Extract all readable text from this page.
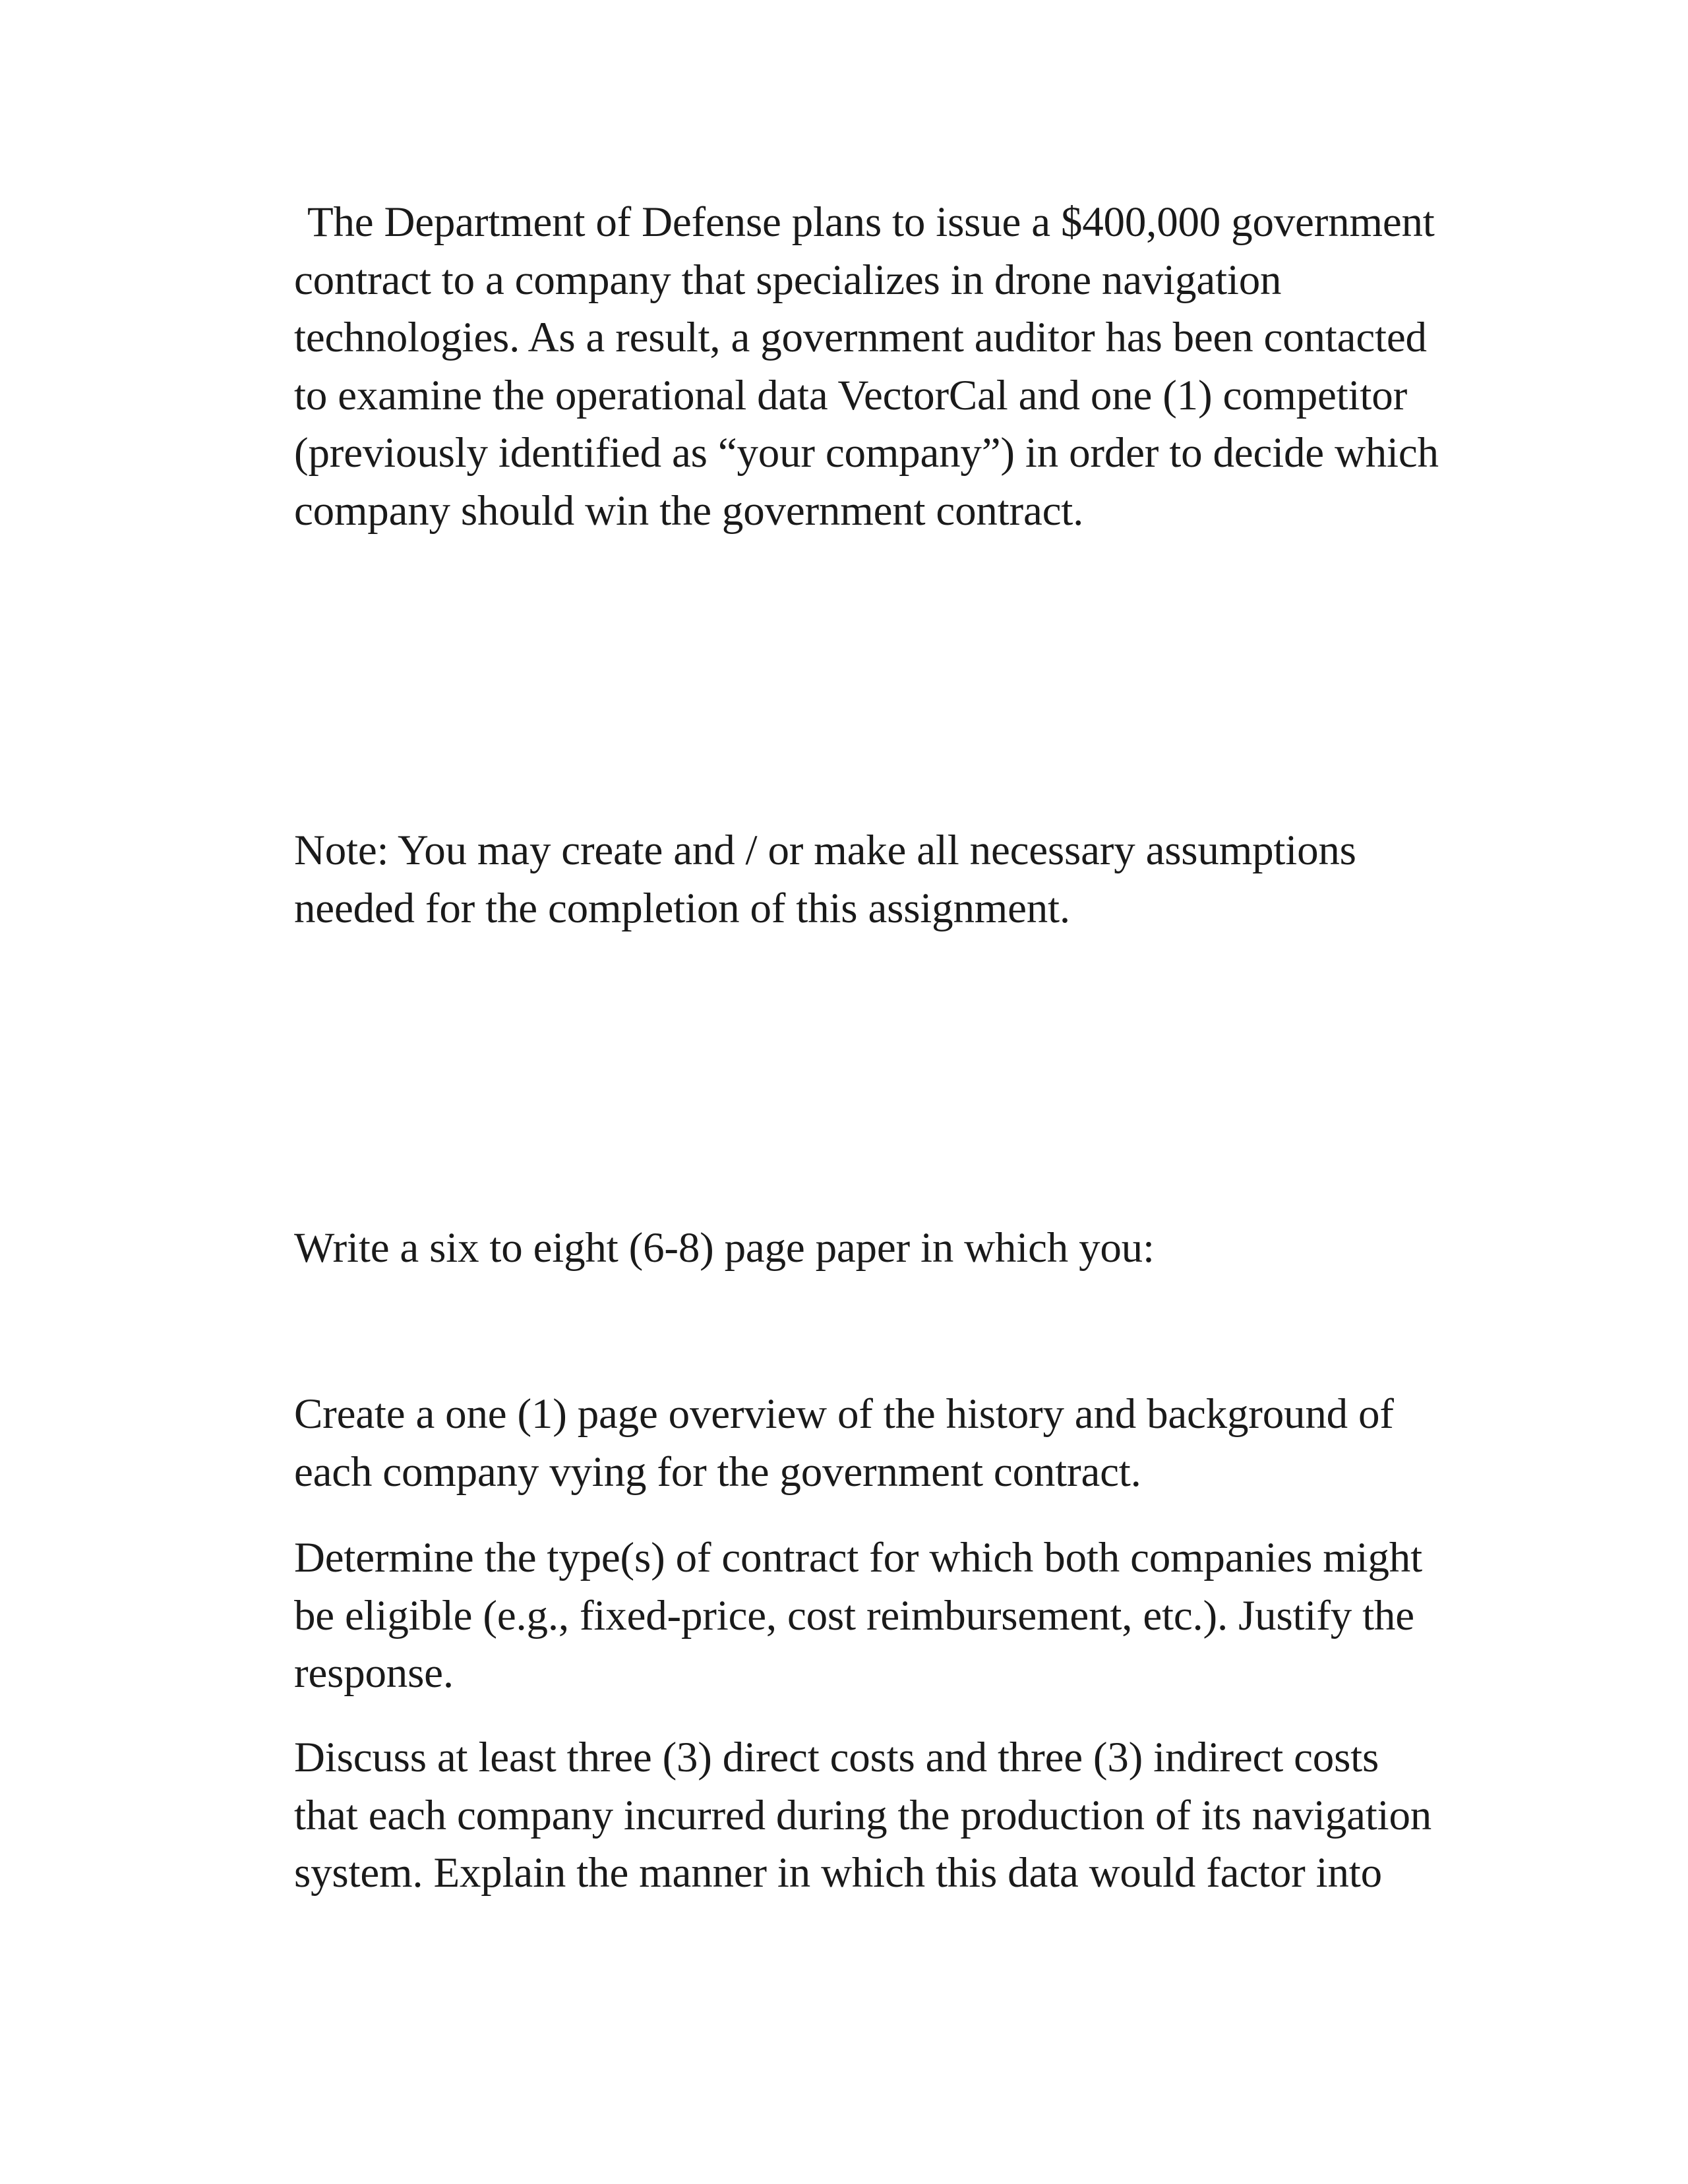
The Department of Defense plans to issue a $400,000 government
contract to a company that specializes in drone navigation
technologies. As a result, a government auditor has been contacted
to examine the operational data VectorCal and one (1) competitor
(previously identified as “your company”) in order to decide which
company should win the government contract.

Note: You may create and / or make all necessary assumptions
needed for the completion of this assignment.

Write a six to eight (6-8) page paper in which you:

Create a one (1) page overview of the history and background of
each company vying for the government contract.

Determine the type(s) of contract for which both companies might
be eligible (e.g., fixed-price, cost reimbursement, etc.). Justify the
response.

Discuss at least three (3) direct costs and three (3) indirect costs
that each company incurred during the production of its navigation
system. Explain the manner in which this data would factor into
